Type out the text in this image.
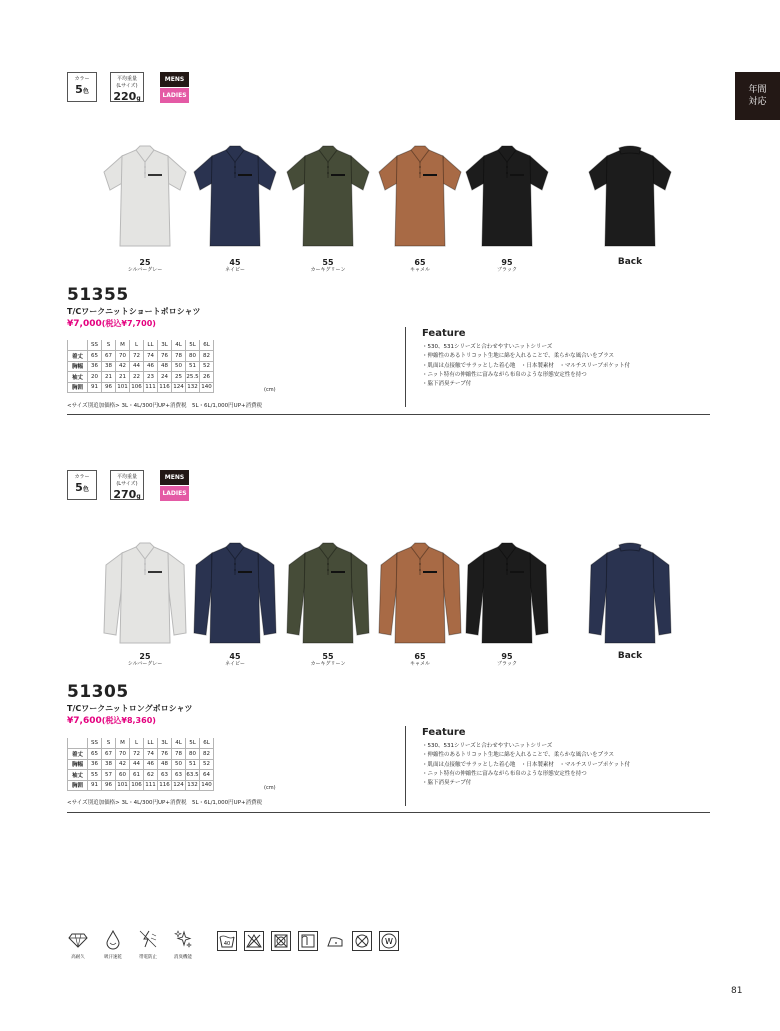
年間
対応
カラー
5色
平均重量
(Lサイズ)
220g
MENS
LADIES
25
シルバーグレー
45
ネイビー
55
カーキグリーン
65
キャメル
95
ブラック
Back
51355
T/Cワークニットショートポロシャツ
¥7,000(税込¥7,700)
	SS	S	M	L	LL	3L	4L	5L	6L
着丈	65	67	70	72	74	76	78	80	82
胸幅	36	38	42	44	46	48	50	51	52
袖丈	20	21	21	22	23	24	25	25.5	26
胸囲	91	96	101	106	111	116	124	132	140	(cm)
<サイズ別追加価格> 3L・4L/300円UP+消費税　5L・6L/1,000円UP+消費税
Feature
・530、531シリーズと合わせやすいニットシリーズ
・伸縮性のあるトリコット生地に綿を入れることで、柔らかな風合いをプラス
・肌面は点接触でサラッとした着心地　・日本製素材　・マルチスリーブポケット付
・ニット特有の伸縮性に富みながら布帛のような形態安定性を持つ
・脇下消臭テープ付
カラー
5色
平均重量
(Lサイズ)
270g
MENS
LADIES
25
シルバーグレー
45
ネイビー
55
カーキグリーン
65
キャメル
95
ブラック
Back
51305
T/Cワークニットロングポロシャツ
¥7,600(税込¥8,360)
	SS	S	M	L	LL	3L	4L	5L	6L
着丈	65	67	70	72	74	76	78	80	82
胸幅	36	38	42	44	46	48	50	51	52
袖丈	55	57	60	61	62	63	63	63.5	64
胸囲	91	96	101	106	111	116	124	132	140	(cm)
<サイズ別追加価格> 3L・4L/300円UP+消費税　5L・6L/1,000円UP+消費税
Feature
・530、531シリーズと合わせやすいニットシリーズ
・伸縮性のあるトリコット生地に綿を入れることで、柔らかな風合いをプラス
・肌面は点接触でサラッとした着心地　・日本製素材　・マルチスリーブポケット付
・ニット特有の伸縮性に富みながら布帛のような形態安定性を持つ
・脇下消臭テープ付
高耐久	吸汗速乾	帯電防止	消臭機能
40	W
81
